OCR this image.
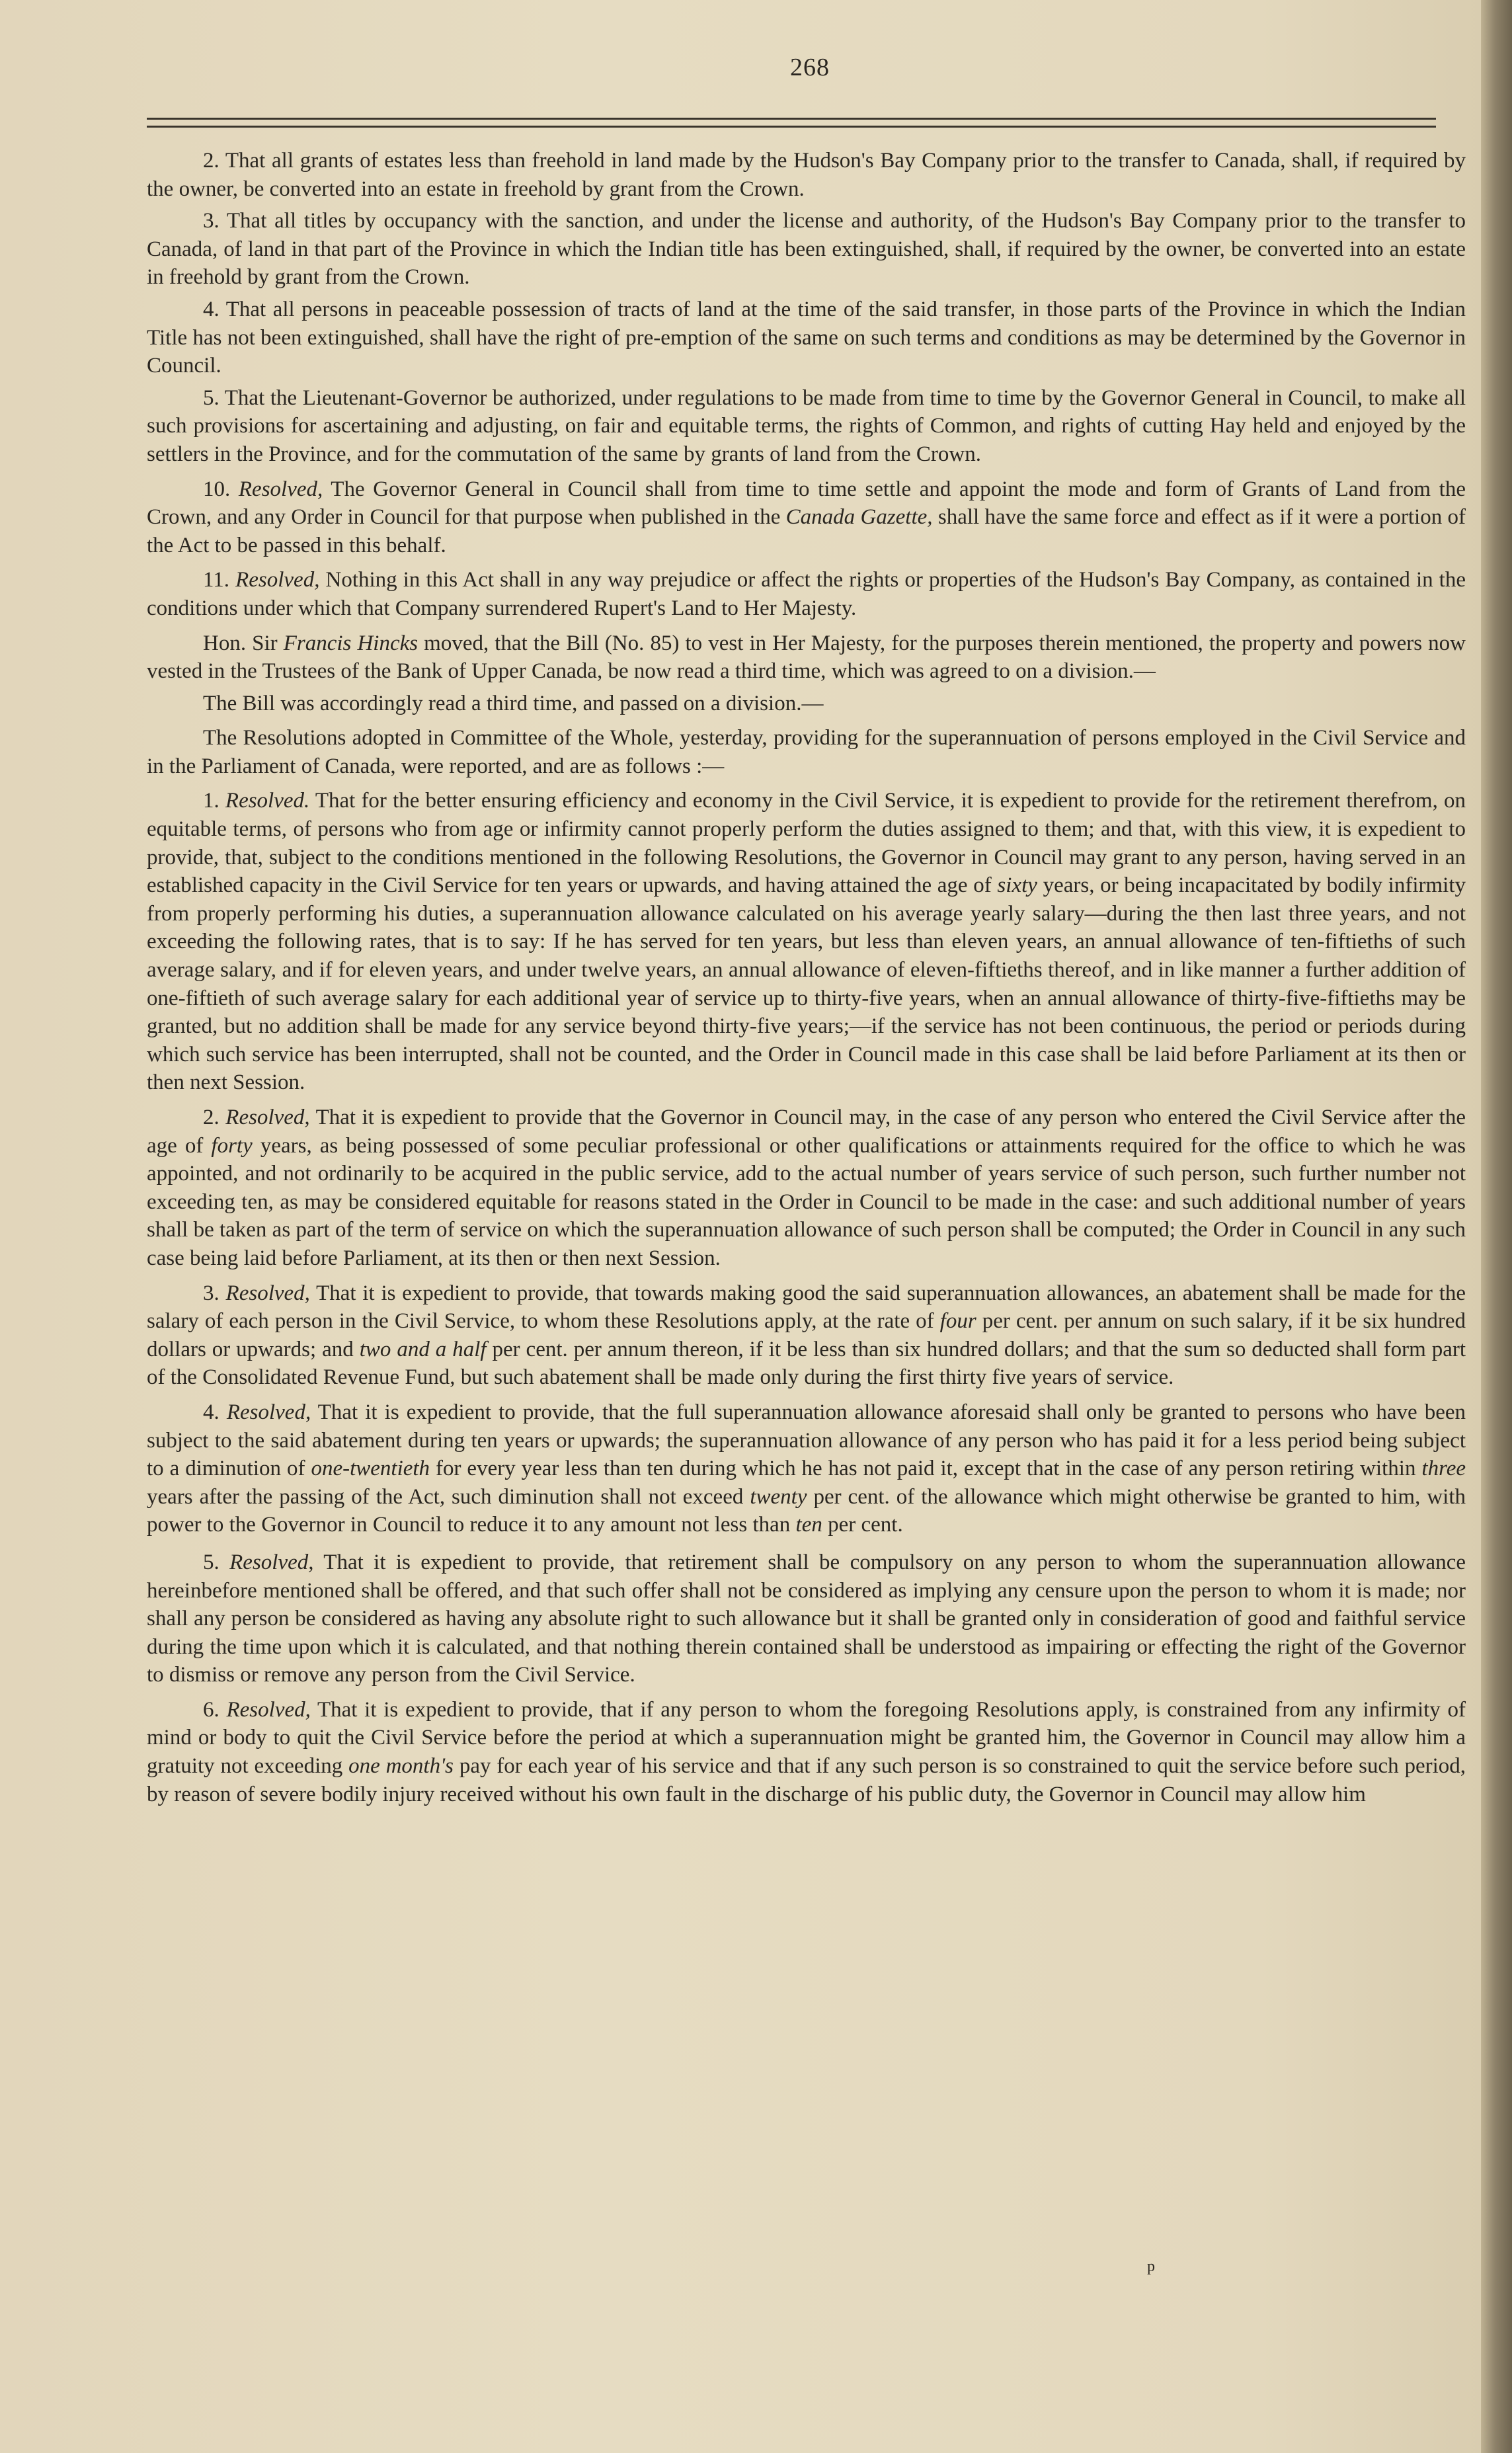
268

2. That all grants of estates less than freehold in land made by the Hudson's Bay Company prior to the transfer to Canada, shall, if required by the owner, be converted into an estate in freehold by grant from the Crown.

3. That all titles by occupancy with the sanction, and under the license and authority, of the Hudson's Bay Company prior to the transfer to Canada, of land in that part of the Province in which the Indian title has been extinguished, shall, if required by the owner, be converted into an estate in freehold by grant from the Crown.

4. That all persons in peaceable possession of tracts of land at the time of the said transfer, in those parts of the Province in which the Indian Title has not been extinguished, shall have the right of pre-emption of the same on such terms and conditions as may be determined by the Governor in Council.

5. That the Lieutenant-Governor be authorized, under regulations to be made from time to time by the Governor General in Council, to make all such provisions for ascertaining and adjusting, on fair and equitable terms, the rights of Common, and rights of cutting Hay held and enjoyed by the settlers in the Province, and for the commutation of the same by grants of land from the Crown.

10. Resolved, The Governor General in Council shall from time to time settle and appoint the mode and form of Grants of Land from the Crown, and any Order in Council for that purpose when published in the Canada Gazette, shall have the same force and effect as if it were a portion of the Act to be passed in this behalf.

11. Resolved, Nothing in this Act shall in any way prejudice or affect the rights or properties of the Hudson's Bay Company, as contained in the conditions under which that Company surrendered Rupert's Land to Her Majesty.

Hon. Sir Francis Hincks moved, that the Bill (No. 85) to vest in Her Majesty, for the purposes therein mentioned, the property and powers now vested in the Trustees of the Bank of Upper Canada, be now read a third time, which was agreed to on a division.—

The Bill was accordingly read a third time, and passed on a division.—

The Resolutions adopted in Committee of the Whole, yesterday, providing for the superannuation of persons employed in the Civil Service and in the Parliament of Canada, were reported, and are as follows :—

1. Resolved. That for the better ensuring efficiency and economy in the Civil Service, it is expedient to provide for the retirement therefrom, on equitable terms, of persons who from age or infirmity cannot properly perform the duties assigned to them; and that, with this view, it is expedient to provide, that, subject to the conditions mentioned in the following Resolutions, the Governor in Council may grant to any person, having served in an established capacity in the Civil Service for ten years or upwards, and having attained the age of sixty years, or being incapacitated by bodily infirmity from properly performing his duties, a superannuation allowance calculated on his average yearly salary—during the then last three years, and not exceeding the following rates, that is to say: If he has served for ten years, but less than eleven years, an annual allowance of ten-fiftieths of such average salary, and if for eleven years, and under twelve years, an annual allowance of eleven-fiftieths thereof, and in like manner a further addition of one-fiftieth of such average salary for each additional year of service up to thirty-five years, when an annual allowance of thirty-five-fiftieths may be granted, but no addition shall be made for any service beyond thirty-five years;—if the service has not been continuous, the period or periods during which such service has been interrupted, shall not be counted, and the Order in Council made in this case shall be laid before Parliament at its then or then next Session.

2. Resolved, That it is expedient to provide that the Governor in Council may, in the case of any person who entered the Civil Service after the age of forty years, as being possessed of some peculiar professional or other qualifications or attainments required for the office to which he was appointed, and not ordinarily to be acquired in the public service, add to the actual number of years service of such person, such further number not exceeding ten, as may be considered equitable for reasons stated in the Order in Council to be made in the case: and such additional number of years shall be taken as part of the term of service on which the superannuation allowance of such person shall be computed; the Order in Council in any such case being laid before Parliament, at its then or then next Session.

3. Resolved, That it is expedient to provide, that towards making good the said superannuation allowances, an abatement shall be made for the salary of each person in the Civil Service, to whom these Resolutions apply, at the rate of four per cent. per annum on such salary, if it be six hundred dollars or upwards; and two and a half per cent. per annum thereon, if it be less than six hundred dollars; and that the sum so deducted shall form part of the Consolidated Revenue Fund, but such abatement shall be made only during the first thirty five years of service.

4. Resolved, That it is expedient to provide, that the full superannuation allowance aforesaid shall only be granted to persons who have been subject to the said abatement during ten years or upwards; the superannuation allowance of any person who has paid it for a less period being subject to a diminution of one-twentieth for every year less than ten during which he has not paid it, except that in the case of any person retiring within three years after the passing of the Act, such diminution shall not exceed twenty per cent. of the allowance which might otherwise be granted to him, with power to the Governor in Council to reduce it to any amount not less than ten per cent.

5. Resolved, That it is expedient to provide, that retirement shall be compulsory on any person to whom the superannuation allowance hereinbefore mentioned shall be offered, and that such offer shall not be considered as implying any censure upon the person to whom it is made; nor shall any person be considered as having any absolute right to such allowance but it shall be granted only in consideration of good and faithful service during the time upon which it is calculated, and that nothing therein contained shall be understood as impairing or effecting the right of the Governor to dismiss or remove any person from the Civil Service.

6. Resolved, That it is expedient to provide, that if any person to whom the foregoing Resolutions apply, is constrained from any infirmity of mind or body to quit the Civil Service before the period at which a superannuation might be granted him, the Governor in Council may allow him a gratuity not exceeding one month's pay for each year of his service and that if any such person is so constrained to quit the service before such period, by reason of severe bodily injury received without his own fault in the discharge of his public duty, the Governor in Council may allow him

p
